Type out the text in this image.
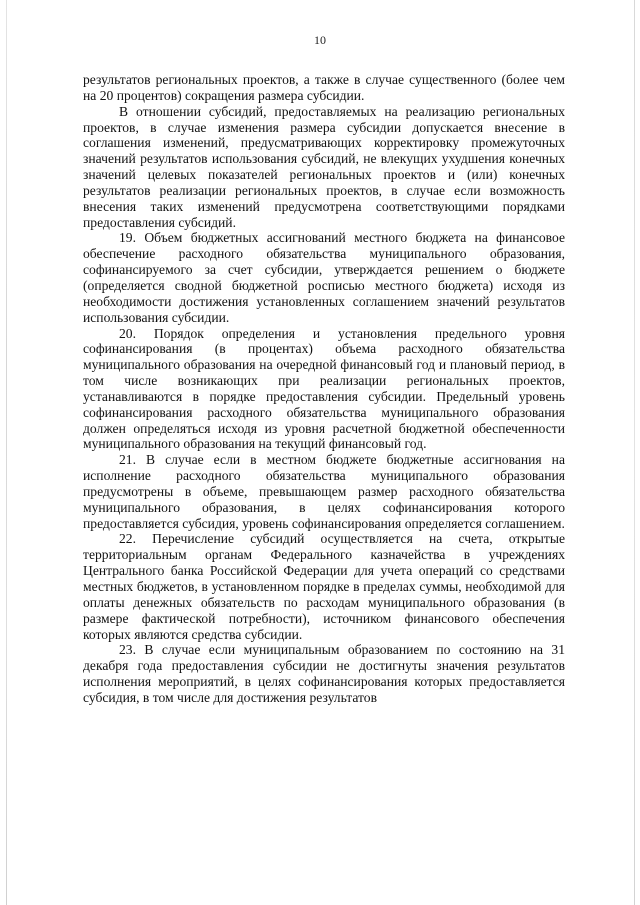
10

результатов региональных проектов, а также в случае существенного (более чем на 20 процентов) сокращения размера субсидии.

В отношении субсидий, предоставляемых на реализацию региональных проектов, в случае изменения размера субсидии допускается внесение в соглашения изменений, предусматривающих корректировку промежуточных значений результатов использования субсидий, не влекущих ухудшения конечных значений целевых показателей региональных проектов и (или) конечных результатов реализации региональных проектов, в случае если возможность внесения таких изменений предусмотрена соответствующими порядками предоставления субсидий.

19. Объем бюджетных ассигнований местного бюджета на финансовое обеспечение расходного обязательства муниципального образования, софинансируемого за счет субсидии, утверждается решением о бюджете (определяется сводной бюджетной росписью местного бюджета) исходя из необходимости достижения установленных соглашением значений результатов использования субсидии.

20. Порядок определения и установления предельного уровня софинансирования (в процентах) объема расходного обязательства муниципального образования на очередной финансовый год и плановый период, в том числе возникающих при реализации региональных проектов, устанавливаются в порядке предоставления субсидии. Предельный уровень софинансирования расходного обязательства муниципального образования должен определяться исходя из уровня расчетной бюджетной обеспеченности муниципального образования на текущий финансовый год.

21. В случае если в местном бюджете бюджетные ассигнования на исполнение расходного обязательства муниципального образования предусмотрены в объеме, превышающем размер расходного обязательства муниципального образования, в целях софинансирования которого предоставляется субсидия, уровень софинансирования определяется соглашением.

22. Перечисление субсидий осуществляется на счета, открытые территориальным органам Федерального казначейства в учреждениях Центрального банка Российской Федерации для учета операций со средствами местных бюджетов, в установленном порядке в пределах суммы, необходимой для оплаты денежных обязательств по расходам муниципального образования (в размере фактической потребности), источником финансового обеспечения которых являются средства субсидии.

23. В случае если муниципальным образованием по состоянию на 31 декабря года предоставления субсидии не достигнуты значения результатов исполнения мероприятий, в целях софинансирования которых предоставляется субсидия, в том числе для достижения результатов
